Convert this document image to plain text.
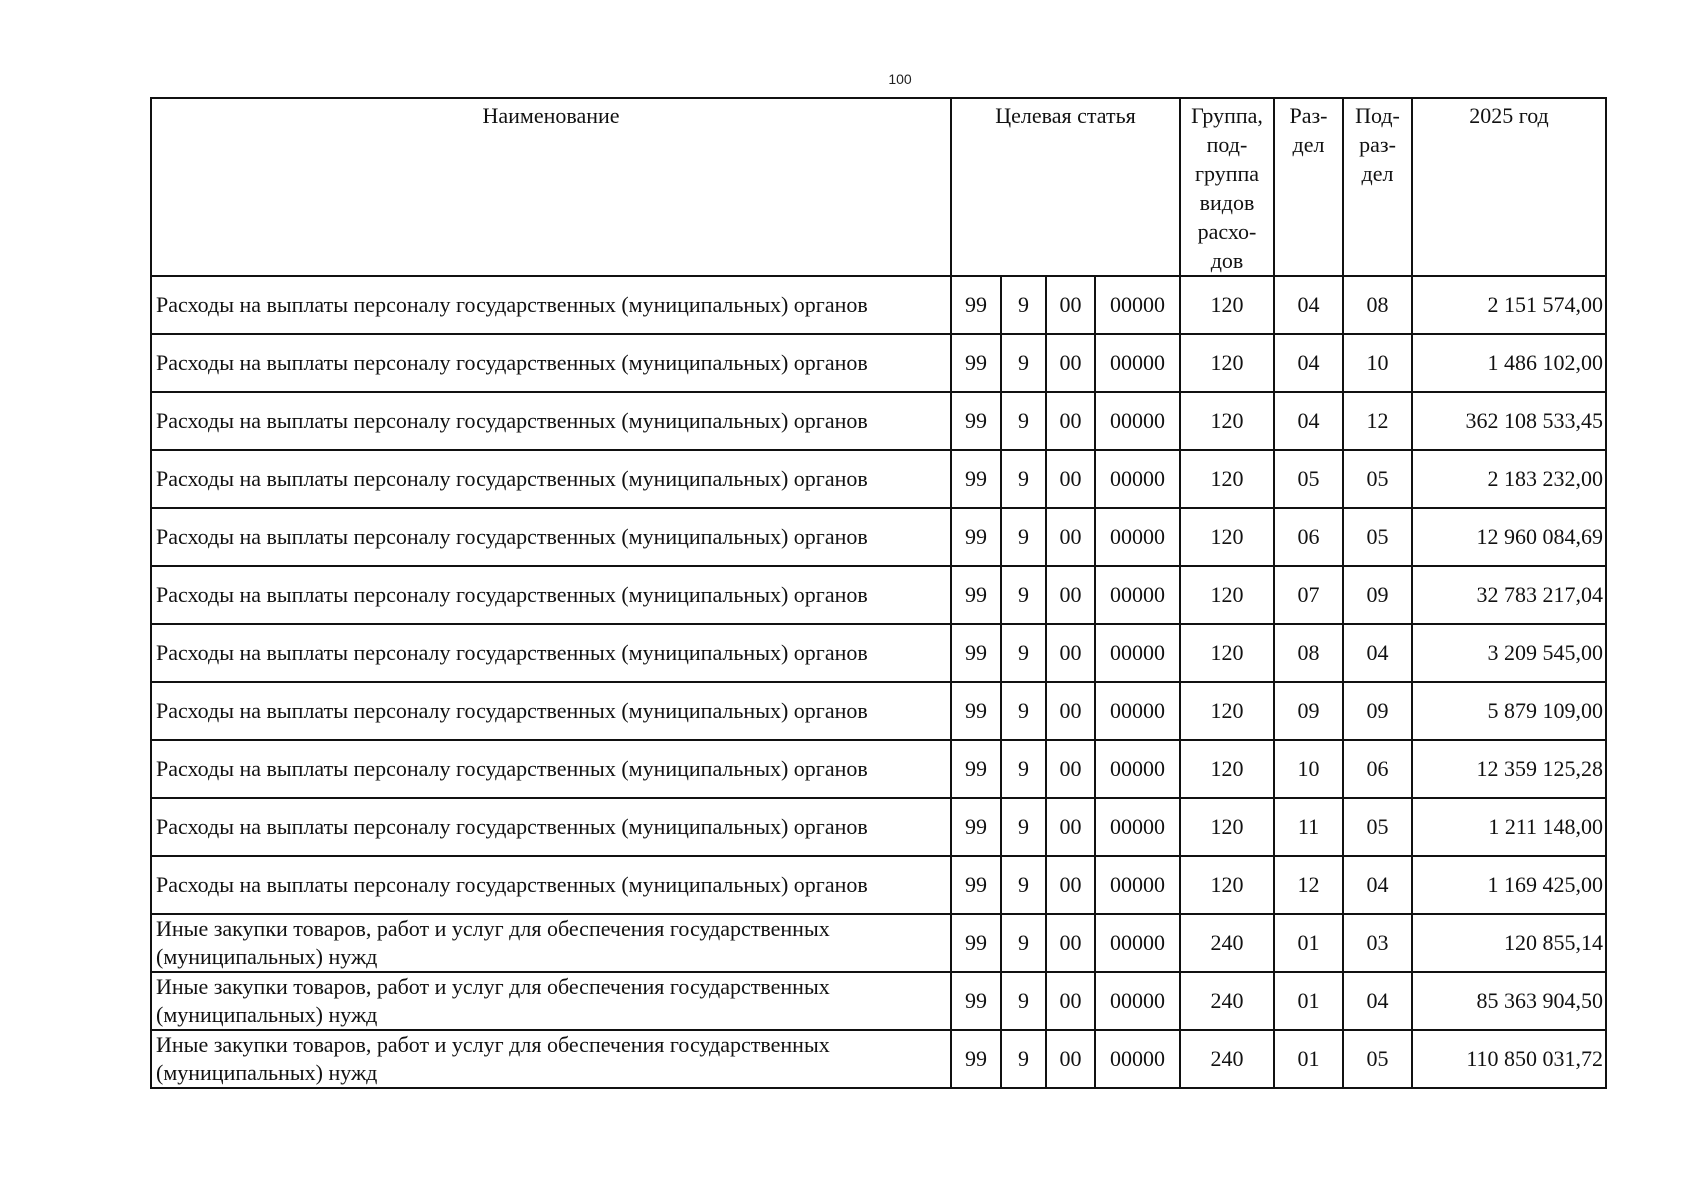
100
Наименование	Целевая статья				Группа, под- группа видов расхо- дов	Раз- дел	Под- раз- дел	2025 год
Расходы на выплаты персоналу государственных (муниципальных) органов	99	9	00	00000	120	04	08	2 151 574,00
Расходы на выплаты персоналу государственных (муниципальных) органов	99	9	00	00000	120	04	10	1 486 102,00
Расходы на выплаты персоналу государственных (муниципальных) органов	99	9	00	00000	120	04	12	362 108 533,45
Расходы на выплаты персоналу государственных (муниципальных) органов	99	9	00	00000	120	05	05	2 183 232,00
Расходы на выплаты персоналу государственных (муниципальных) органов	99	9	00	00000	120	06	05	12 960 084,69
Расходы на выплаты персоналу государственных (муниципальных) органов	99	9	00	00000	120	07	09	32 783 217,04
Расходы на выплаты персоналу государственных (муниципальных) органов	99	9	00	00000	120	08	04	3 209 545,00
Расходы на выплаты персоналу государственных (муниципальных) органов	99	9	00	00000	120	09	09	5 879 109,00
Расходы на выплаты персоналу государственных (муниципальных) органов	99	9	00	00000	120	10	06	12 359 125,28
Расходы на выплаты персоналу государственных (муниципальных) органов	99	9	00	00000	120	11	05	1 211 148,00
Расходы на выплаты персоналу государственных (муниципальных) органов	99	9	00	00000	120	12	04	1 169 425,00
Иные закупки товаров, работ и услуг для обеспечения государственных (муниципальных) нужд	99	9	00	00000	240	01	03	120 855,14
Иные закупки товаров, работ и услуг для обеспечения государственных (муниципальных) нужд	99	9	00	00000	240	01	04	85 363 904,50
Иные закупки товаров, работ и услуг для обеспечения государственных (муниципальных) нужд	99	9	00	00000	240	01	05	110 850 031,72
